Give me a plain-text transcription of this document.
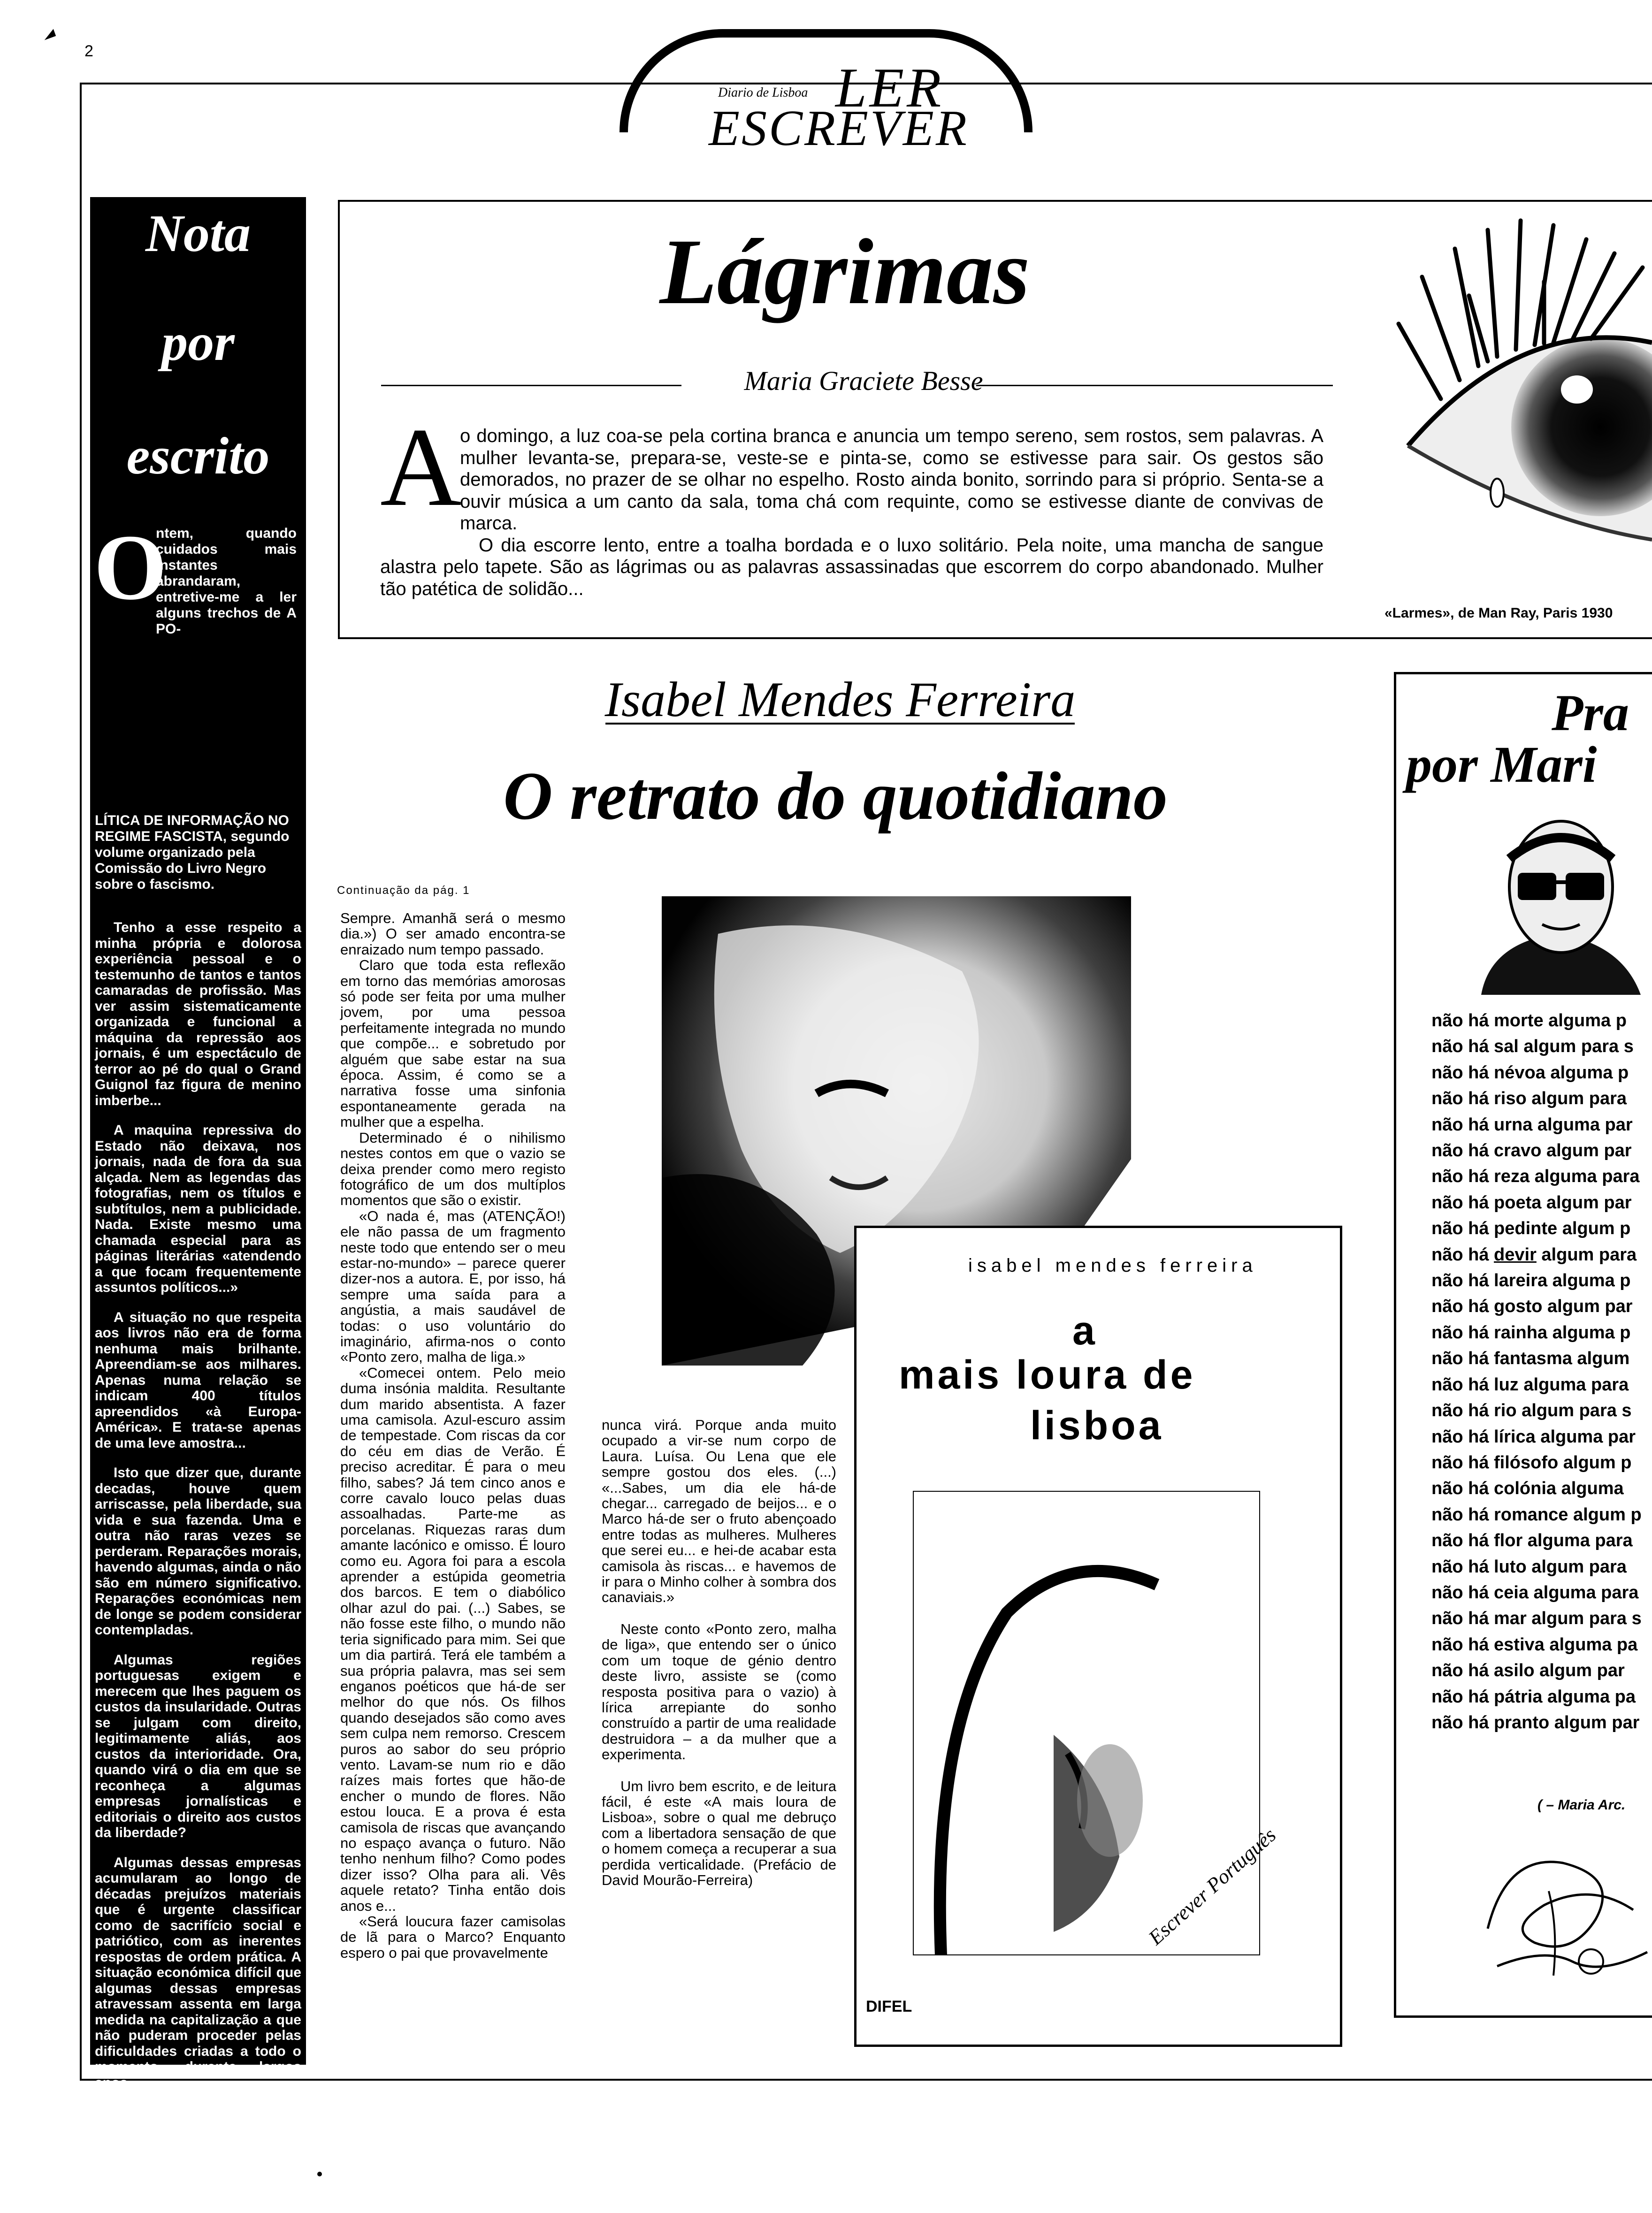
2
Diario de Lisboa LER
ESCREVER
Nota
por
escrito
O
ntem, quando cuidados mais instantes abrandaram, entretive-me a ler alguns trechos de A PO-
LÍTICA DE INFORMAÇÃO NO REGIME FASCISTA, segundo volume organizado pela Comissão do Livro Negro sobre o fascismo.

Tenho a esse respeito a minha própria e dolorosa experiência pessoal e o testemunho de tantos e tantos camaradas de profissão. Mas ver assim sistematicamente organizada e funcional a máquina da repressão aos jornais, é um espectáculo de terror ao pé do qual o Grand Guignol faz figura de menino imberbe...

A maquina repressiva do Estado não deixava, nos jornais, nada de fora da sua alçada. Nem as legendas das fotografias, nem os títulos e subtítulos, nem a publicidade. Nada. Existe mesmo uma chamada especial para as páginas literárias «atendendo a que focam frequentemente assuntos políticos...»

A situação no que respeita aos livros não era de forma nenhuma mais brilhante. Apreendiam-se aos milhares. Apenas numa relação se indicam 400 títulos apreendidos «à Europa-América». E trata-se apenas de uma leve amostra...

Isto que dizer que, durante decadas, houve quem arriscasse, pela liberdade, sua vida e sua fazenda. Uma e outra não raras vezes se perderam. Reparações morais, havendo algumas, ainda o não são em número significativo. Reparações económicas nem de longe se podem considerar contempladas.

Algumas regiões portuguesas exigem e merecem que lhes paguem os custos da insularidade. Outras se julgam com direito, legitimamente aliás, aos custos da interioridade. Ora, quando virá o dia em que se reconheça a algumas empresas jornalísticas e editoriais o direito aos custos da liberdade?

Algumas dessas empresas acumularam ao longo de décadas prejuízos materiais que é urgente classificar como de sacrifício social e patriótico, com as inerentes respostas de ordem prática. A situação económica difícil que algumas dessas empresas atravessam assenta em larga medida na capitalização a que não puderam proceder pelas dificuldades criadas a todo o momento, durante largos anos.

A existência de certas vozes constitui, para além de tudo o mais, um factor histórico probatório que um elementar sentido da liberdade mandaria preservar.

Lágrimas
Maria Graciete Besse
A

o domingo, a luz coa-se pela cortina branca e anuncia um tempo sereno, sem rostos, sem palavras. A mulher levanta-se, prepara-se, veste-se e pinta-se, como se estivesse para sair. Os gestos são demorados, no prazer de se olhar no espelho. Rosto ainda bonito, sorrindo para si próprio. Senta-se a ouvir música a um canto da sala, toma chá com requinte, como se estivesse diante de convivas de marca.

O dia escorre lento, entre a toalha bordada e o luxo solitário. Pela noite, uma mancha de sangue alastra pelo tapete. São as lágrimas ou as palavras assassinadas que escorrem do corpo abandonado. Mulher tão patética de solidão...

«Larmes», de Man Ray, Paris 1930
Isabel Mendes Ferreira
O retrato do quotidiano
Continuação da pág. 1

Sempre. Amanhã será o mesmo dia.») O ser amado encontra-se enraizado num tempo passado.

Claro que toda esta reflexão em torno das memórias amorosas só pode ser feita por uma mulher jovem, por uma pessoa perfeitamente integrada no mundo que compõe... e sobretudo por alguém que sabe estar na sua época. Assim, é como se a narrativa fosse uma sinfonia espontaneamente gerada na mulher que a espelha.

Determinado é o nihilismo nestes contos em que o vazio se deixa prender como mero registo fotográfico de um dos multíplos momentos que são o existir.

«O nada é, mas (ATENÇÃO!) ele não passa de um fragmento neste todo que entendo ser o meu estar-no-mundo» – parece querer dizer-nos a autora. E, por isso, há sempre uma saída para a angústia, a mais saudável de todas: o uso voluntário do imaginário, afirma-nos o conto «Ponto zero, malha de liga.»

«Comecei ontem. Pelo meio duma insónia maldita. Resultante dum marido absentista. A fazer uma camisola. Azul-escuro assim de tempestade. Com riscas da cor do céu em dias de Verão. É preciso acreditar. É para o meu filho, sabes? Já tem cinco anos e corre cavalo louco pelas duas assoalhadas. Parte-me as porcelanas. Riquezas raras dum amante lacónico e omisso. É louro como eu. Agora foi para a escola aprender a estúpida geometria dos barcos. E tem o diabólico olhar azul do pai. (...) Sabes, se não fosse este filho, o mundo não teria significado para mim. Sei que um dia partirá. Terá ele também a sua própria palavra, mas sei sem enganos poéticos que há-de ser melhor do que nós. Os filhos quando desejados são como aves sem culpa nem remorso. Crescem puros ao sabor do seu próprio vento. Lavam-se num rio e dão raízes mais fortes que hão-de encher o mundo de flores. Não estou louca. E a prova é esta camisola de riscas que avançando no espaço avança o futuro. Não tenho nenhum filho? Como podes dizer isso? Olha para ali. Vês aquele retato? Tinha então dois anos e...

«Será loucura fazer camisolas de lã para o Marco? Enquanto espero o pai que provavelmente

nunca virá. Porque anda muito ocupado a vir-se num corpo de Laura. Luísa. Ou Lena que ele sempre gostou dos eles. (...) «...Sabes, um dia ele há-de chegar... carregado de beijos... e o Marco há-de ser o fruto abençoado entre todas as mulheres. Mulheres que serei eu... e hei-de acabar esta camisola às riscas... e havemos de ir para o Minho colher à sombra dos canaviais.»

Neste conto «Ponto zero, malha de liga», que entendo ser o único com um toque de génio dentro deste livro, assiste se (como resposta positiva para o vazio) à lírica arrepiante do sonho construído a partir de uma realidade destruidora – a da mulher que a experimenta.

Um livro bem escrito, e de leitura fácil, é este «A mais loura de Lisboa», sobre o qual me debruço com a libertadora sensação de que o homem começa a recuperar a sua perdida verticalidade. (Prefácio de David Mourão-Ferreira)

isabel mendes ferreira
a
mais loura de
lisboa
DIFEL
Escrever Português
Pra
por Mari
não há morte alguma p
não há sal algum para s
não há névoa alguma p
não há riso algum para
não há urna alguma par
não há cravo algum par
não há reza alguma para
não há poeta algum par
não há pedinte algum p
não há devir algum para
não há lareira alguma p
não há gosto algum par
não há rainha alguma p
não há fantasma algum
não há luz alguma para
não há rio algum para s
não há lírica alguma par
não há filósofo algum p
não há colónia alguma
não há romance algum p
não há flor alguma para
não há luto algum para
não há ceia alguma para
não há mar algum para s
não há estiva alguma pa
não há asilo algum par
não há pátria alguma pa
não há pranto algum par
( – Maria Arc.
